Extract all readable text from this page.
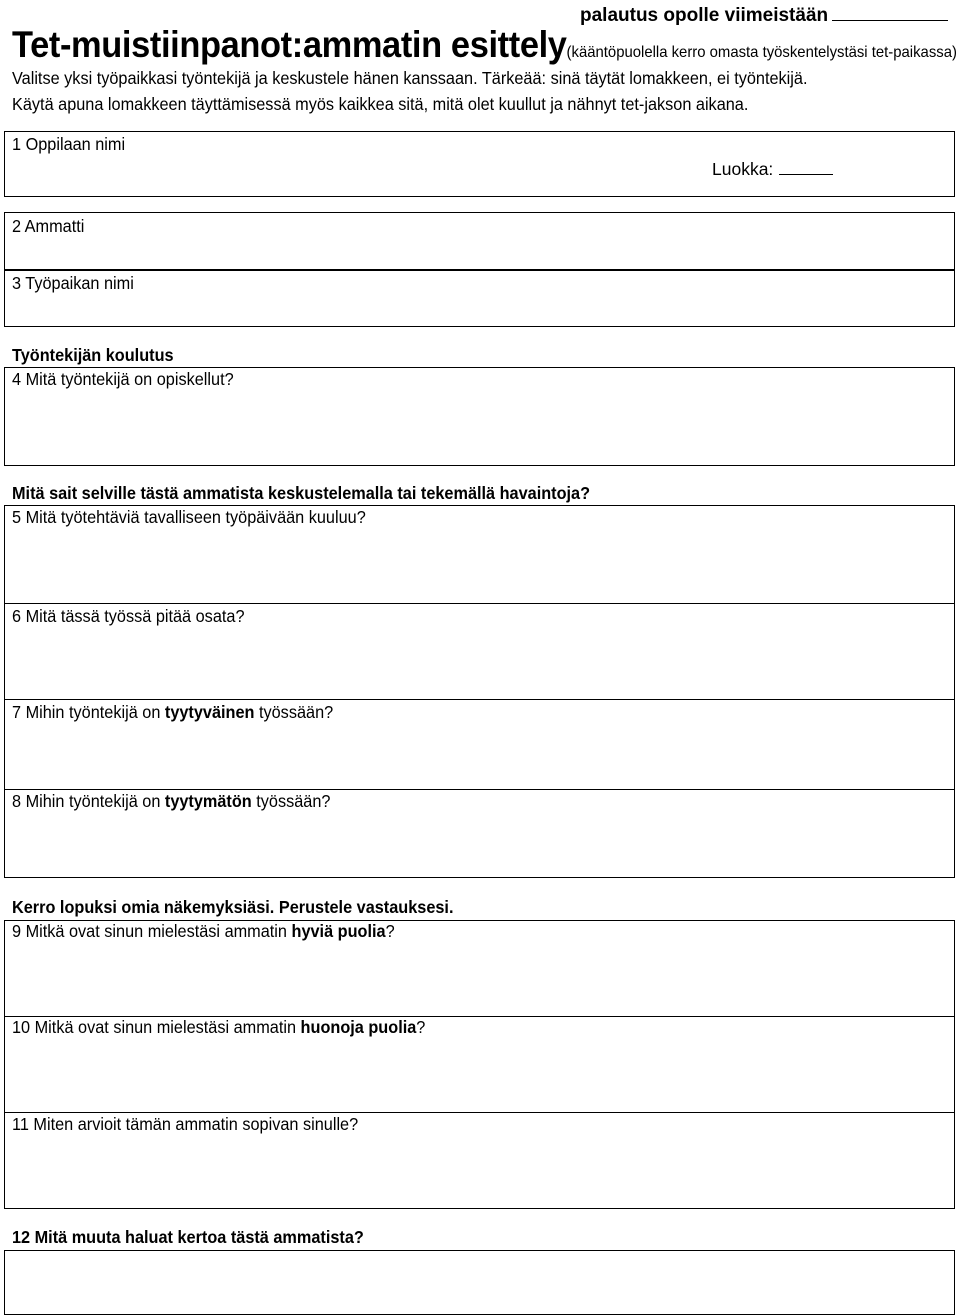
palautus opolle viimeistään
Tet-muistiinpanot:ammatin esittely(kääntöpuolella kerro omasta työskentelystäsi tet-paikassa)
Valitse yksi työpaikkasi työntekijä ja keskustele hänen kanssaan. Tärkeää: sinä täytät lomakkeen, ei työntekijä.
Käytä apuna lomakkeen täyttämisessä myös kaikkea sitä, mitä olet kuullut ja nähnyt tet-jakson aikana.
1 Oppilaan nimi
Luokka:
2 Ammatti
3 Työpaikan nimi
Työntekijän koulutus
4 Mitä työntekijä on opiskellut?
Mitä sait selville tästä ammatista keskustelemalla tai tekemällä havaintoja?
5 Mitä työtehtäviä tavalliseen työpäivään kuuluu?
6 Mitä tässä työssä pitää osata?
7 Mihin työntekijä on tyytyväinen työssään?
8 Mihin työntekijä on tyytymätön työssään?
Kerro lopuksi omia näkemyksiäsi. Perustele vastauksesi.
9 Mitkä ovat sinun mielestäsi ammatin hyviä puolia?
10 Mitkä ovat sinun mielestäsi ammatin huonoja puolia?
11 Miten arvioit tämän ammatin sopivan sinulle?
12 Mitä muuta haluat kertoa tästä ammatista?
